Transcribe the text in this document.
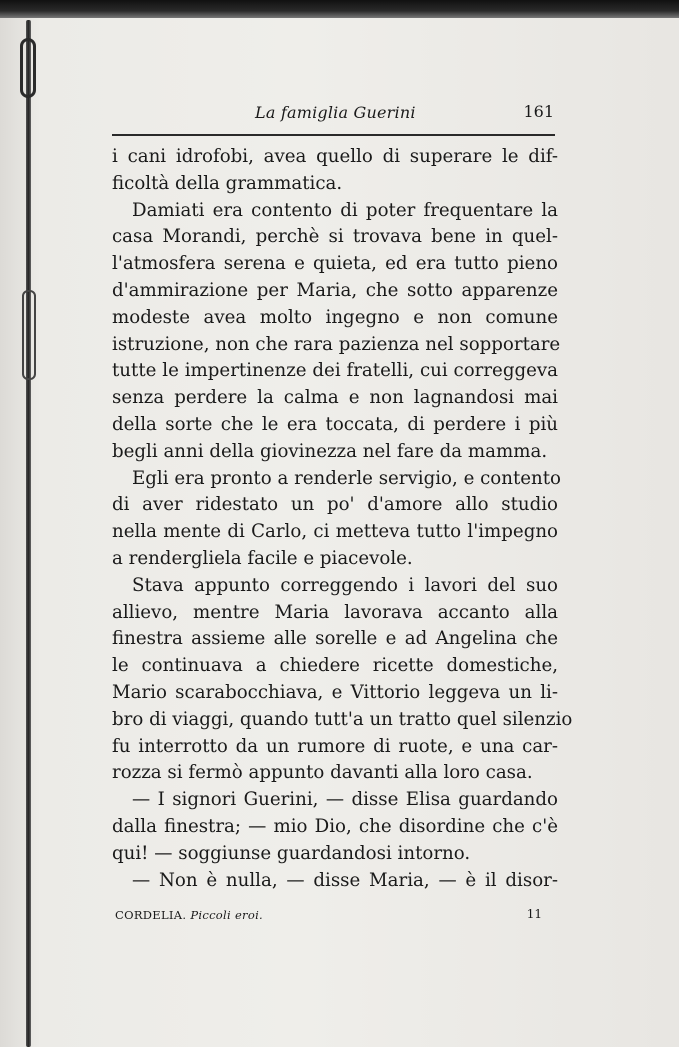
La famiglia Guerini	161
i cani idrofobi, avea quello di superare le dif-
ficoltà della grammatica.
Damiati era contento di poter frequentare la
casa Morandi, perchè si trovava bene in quel-
l'atmosfera serena e quieta, ed era tutto pieno
d'ammirazione per Maria, che sotto apparenze
modeste avea molto ingegno e non comune
istruzione, non che rara pazienza nel sopportare
tutte le impertinenze dei fratelli, cui correggeva
senza perdere la calma e non lagnandosi mai
della sorte che le era toccata, di perdere i più
begli anni della giovinezza nel fare da mamma.
Egli era pronto a renderle servigio, e contento
di aver ridestato un po' d'amore allo studio
nella mente di Carlo, ci metteva tutto l'impegno
a rendergliela facile e piacevole.
Stava appunto correggendo i lavori del suo
allievo, mentre Maria lavorava accanto alla
finestra assieme alle sorelle e ad Angelina che
le continuava a chiedere ricette domestiche,
Mario scarabocchiava, e Vittorio leggeva un li-
bro di viaggi, quando tutt'a un tratto quel silenzio
fu interrotto da un rumore di ruote, e una car-
rozza si fermò appunto davanti alla loro casa.
— I signori Guerini, — disse Elisa guardando
dalla finestra; — mio Dio, che disordine che c'è
qui! — soggiunse guardandosi intorno.
— Non è nulla, — disse Maria, — è il disor-
CORDELIA. Piccoli eroi.	11
